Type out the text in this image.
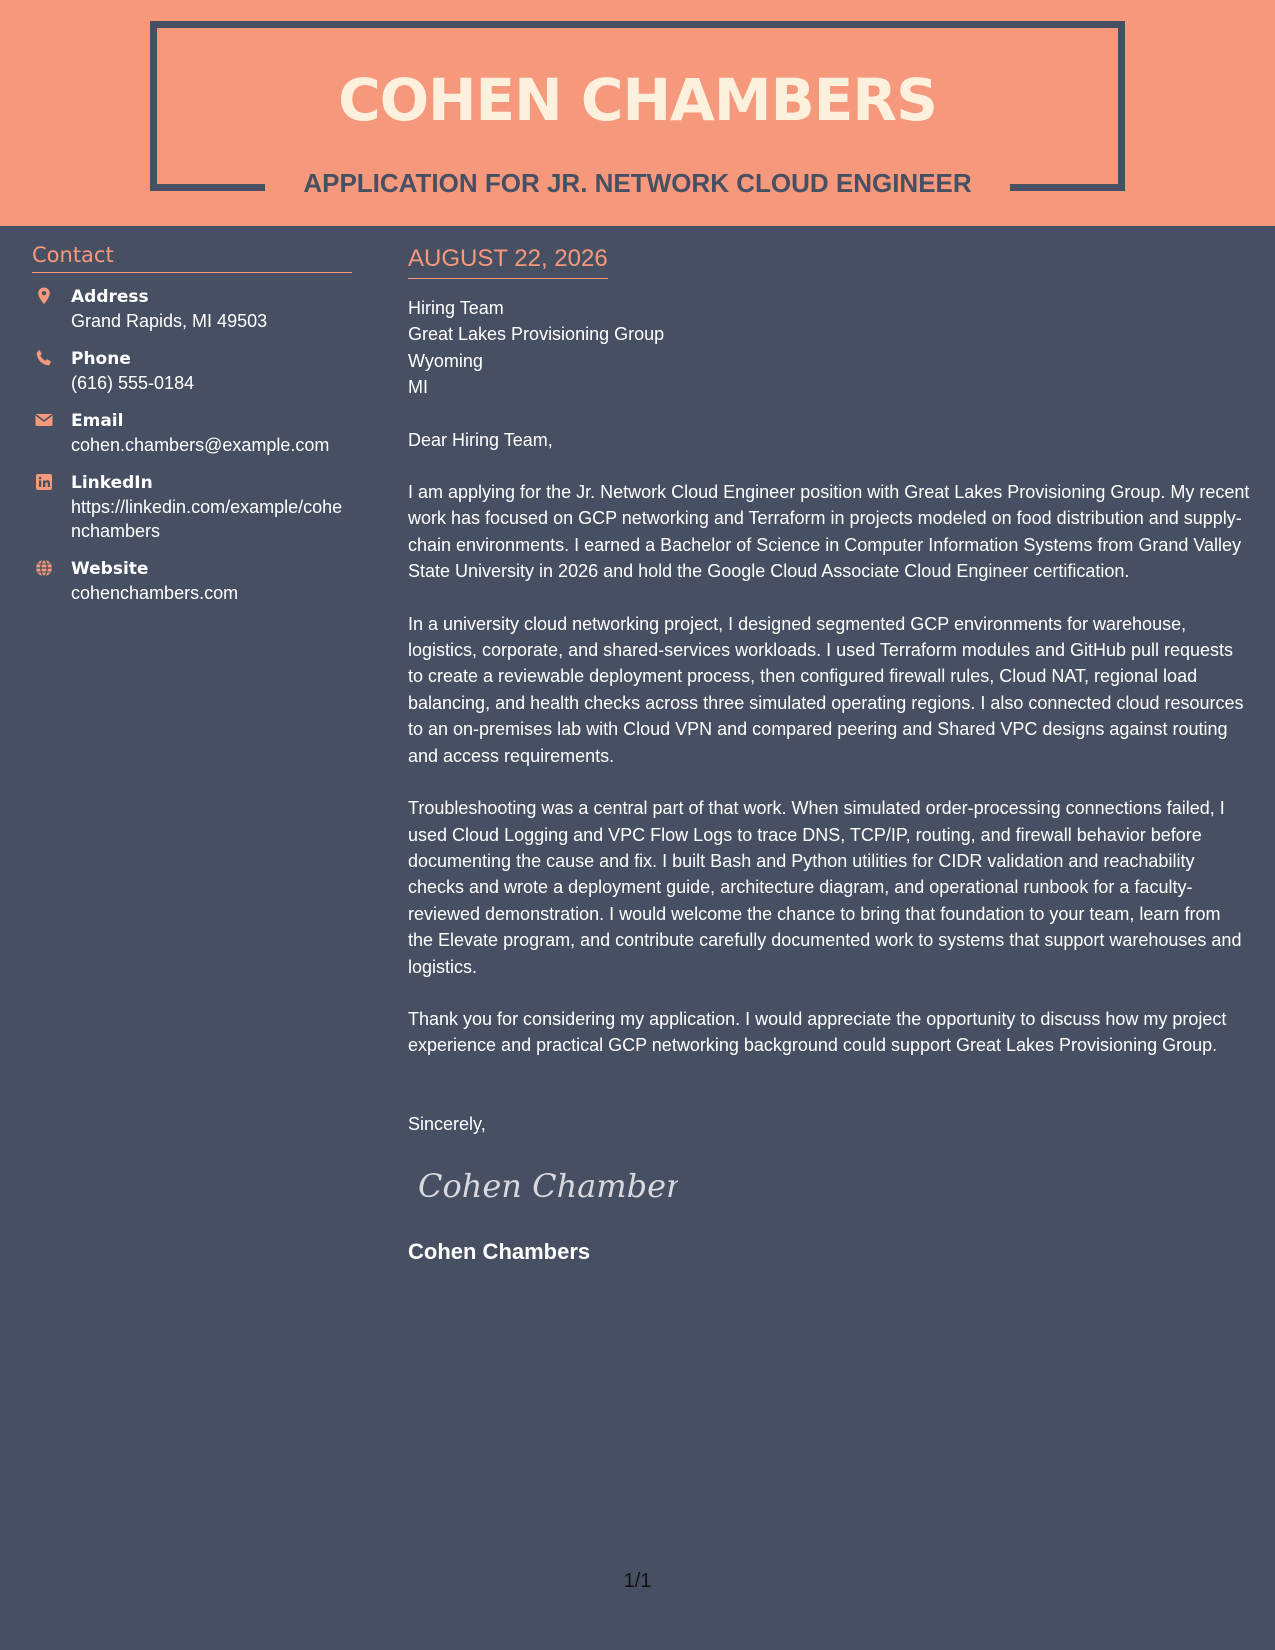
COHEN CHAMBERS
APPLICATION FOR JR. NETWORK CLOUD ENGINEER
Contact
Address
Grand Rapids, MI 49503
Phone
(616) 555-0184
Email
cohen.chambers@example.com
LinkedIn
https://linkedin.com/example/cohenchambers
Website
cohenchambers.com
AUGUST 22, 2026
Hiring Team
Great Lakes Provisioning Group
Wyoming
MI

Dear Hiring Team,

I am applying for the Jr. Network Cloud Engineer position with Great Lakes Provisioning Group. My recent work has focused on GCP networking and Terraform in projects modeled on food distribution and supply-chain environments. I earned a Bachelor of Science in Computer Information Systems from Grand Valley State University in 2026 and hold the Google Cloud Associate Cloud Engineer certification.

In a university cloud networking project, I designed segmented GCP environments for warehouse, logistics, corporate, and shared-services workloads. I used Terraform modules and GitHub pull requests to create a reviewable deployment process, then configured firewall rules, Cloud NAT, regional load balancing, and health checks across three simulated operating regions. I also connected cloud resources to an on-premises lab with Cloud VPN and compared peering and Shared VPC designs against routing and access requirements.

Troubleshooting was a central part of that work. When simulated order-processing connections failed, I used Cloud Logging and VPC Flow Logs to trace DNS, TCP/IP, routing, and firewall behavior before documenting the cause and fix. I built Bash and Python utilities for CIDR validation and reachability checks and wrote a deployment guide, architecture diagram, and operational runbook for a faculty-reviewed demonstration. I would welcome the chance to bring that foundation to your team, learn from the Elevate program, and contribute carefully documented work to systems that support warehouses and logistics.

Thank you for considering my application. I would appreciate the opportunity to discuss how my project experience and practical GCP networking background could support Great Lakes Provisioning Group.

Sincerely,
Cohen Chambers
Cohen Chambers
1/1
